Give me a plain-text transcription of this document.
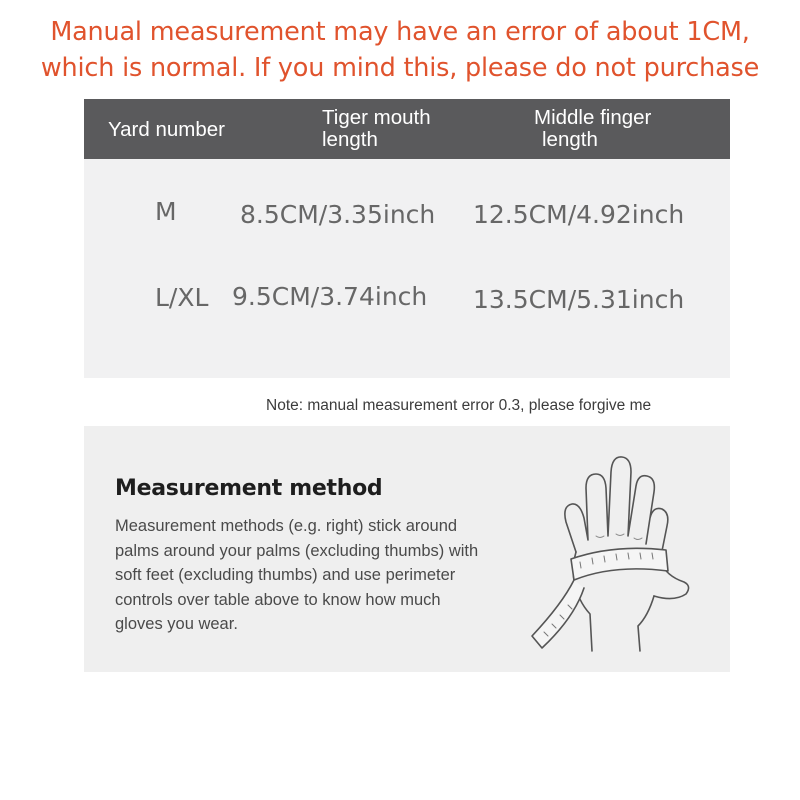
Manual measurement may have an error of about 1CM,
which is normal. If you mind this, please do not purchase
Yard number
Tiger mouth
length
Middle finger
length
M	8.5CM/3.35inch 12.5CM/4.92inch
L/XL 9.5CM/3.74inch 13.5CM/5.31inch
Note: manual measurement error 0.3, please forgive me
Measurement method
Measurement methods (e.g. right) stick around
palms around your palms (excluding thumbs) with
soft feet (excluding thumbs) and use perimeter
controls over table above to know how much
gloves you wear.
